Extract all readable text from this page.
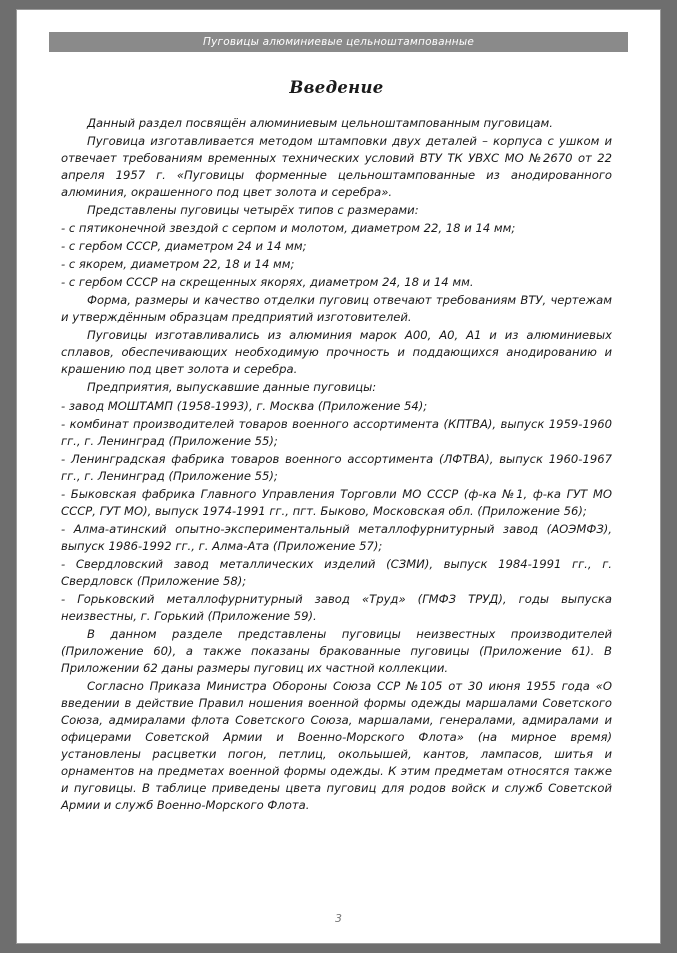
Пуговицы алюминиевые цельноштампованные
Введение

Данный раздел посвящён алюминиевым цельноштампованным пуговицам.

Пуговица изготавливается методом штамповки двух деталей – корпуса с ушком и отвечает требованиям временных технических условий ВТУ ТК УВХС МО №2670 от 22 апреля 1957 г. «Пуговицы форменные цельноштампованные из анодированного алюминия, окрашенного под цвет золота и серебра».

Представлены пуговицы четырёх типов с размерами:

- с пятиконечной звездой с серпом и молотом, диаметром 22, 18 и 14 мм;

- с гербом СССР, диаметром 24 и 14 мм;

- с якорем, диаметром 22, 18 и 14 мм;

- с гербом СССР на скрещенных якорях, диаметром 24, 18 и 14 мм.

Форма, размеры и качество отделки пуговиц отвечают требованиям ВТУ, чертежам и утверждённым образцам предприятий изготовителей.

Пуговицы изготавливались из алюминия марок А00, А0, А1 и из алюминиевых сплавов, обеспечивающих необходимую прочность и поддающихся анодированию и крашению под цвет золота и серебра.

Предприятия, выпускавшие данные пуговицы:

- завод МОШТАМП (1958-1993), г. Москва (Приложение 54);

- комбинат производителей товаров военного ассортимента (КПТВА), выпуск 1959-1960 гг., г. Ленинград (Приложение 55);

- Ленинградская фабрика товаров военного ассортимента (ЛФТВА), выпуск 1960-1967 гг., г. Ленинград (Приложение 55);

- Быковская фабрика Главного Управления Торговли МО СССР (ф-ка №1, ф-ка ГУТ МО СССР, ГУТ МО), выпуск 1974-1991 гг., пгт. Быково, Московская обл. (Приложение 56);

- Алма-атинский опытно-экспериментальный металлофурнитурный завод (АОЭМФЗ), выпуск 1986-1992 гг., г. Алма-Ата (Приложение 57);

- Свердловский завод металлических изделий (СЗМИ), выпуск 1984-1991 гг., г. Свердловск (Приложение 58);

- Горьковский металлофурнитурный завод «Труд» (ГМФЗ ТРУД), годы выпуска неизвестны, г. Горький (Приложение 59).

В данном разделе представлены пуговицы неизвестных производителей (Приложение 60), а также показаны бракованные пуговицы (Приложение 61). В Приложении 62 даны размеры пуговиц их частной коллекции.

Согласно Приказа Министра Обороны Союза ССР №105 от 30 июня 1955 года «О введении в действие Правил ношения военной формы одежды маршалами Советского Союза, адмиралами флота Советского Союза, маршалами, генералами, адмиралами и офицерами Советской Армии и Военно-Морского Флота» (на мирное время) установлены расцветки погон, петлиц, окольышей, кантов, лампасов, шитья и орнаментов на предметах военной формы одежды. К этим предметам относятся также и пуговицы. В таблице приведены цвета пуговиц для родов войск и служб Советской Армии и служб Военно-Морского Флота.

3
